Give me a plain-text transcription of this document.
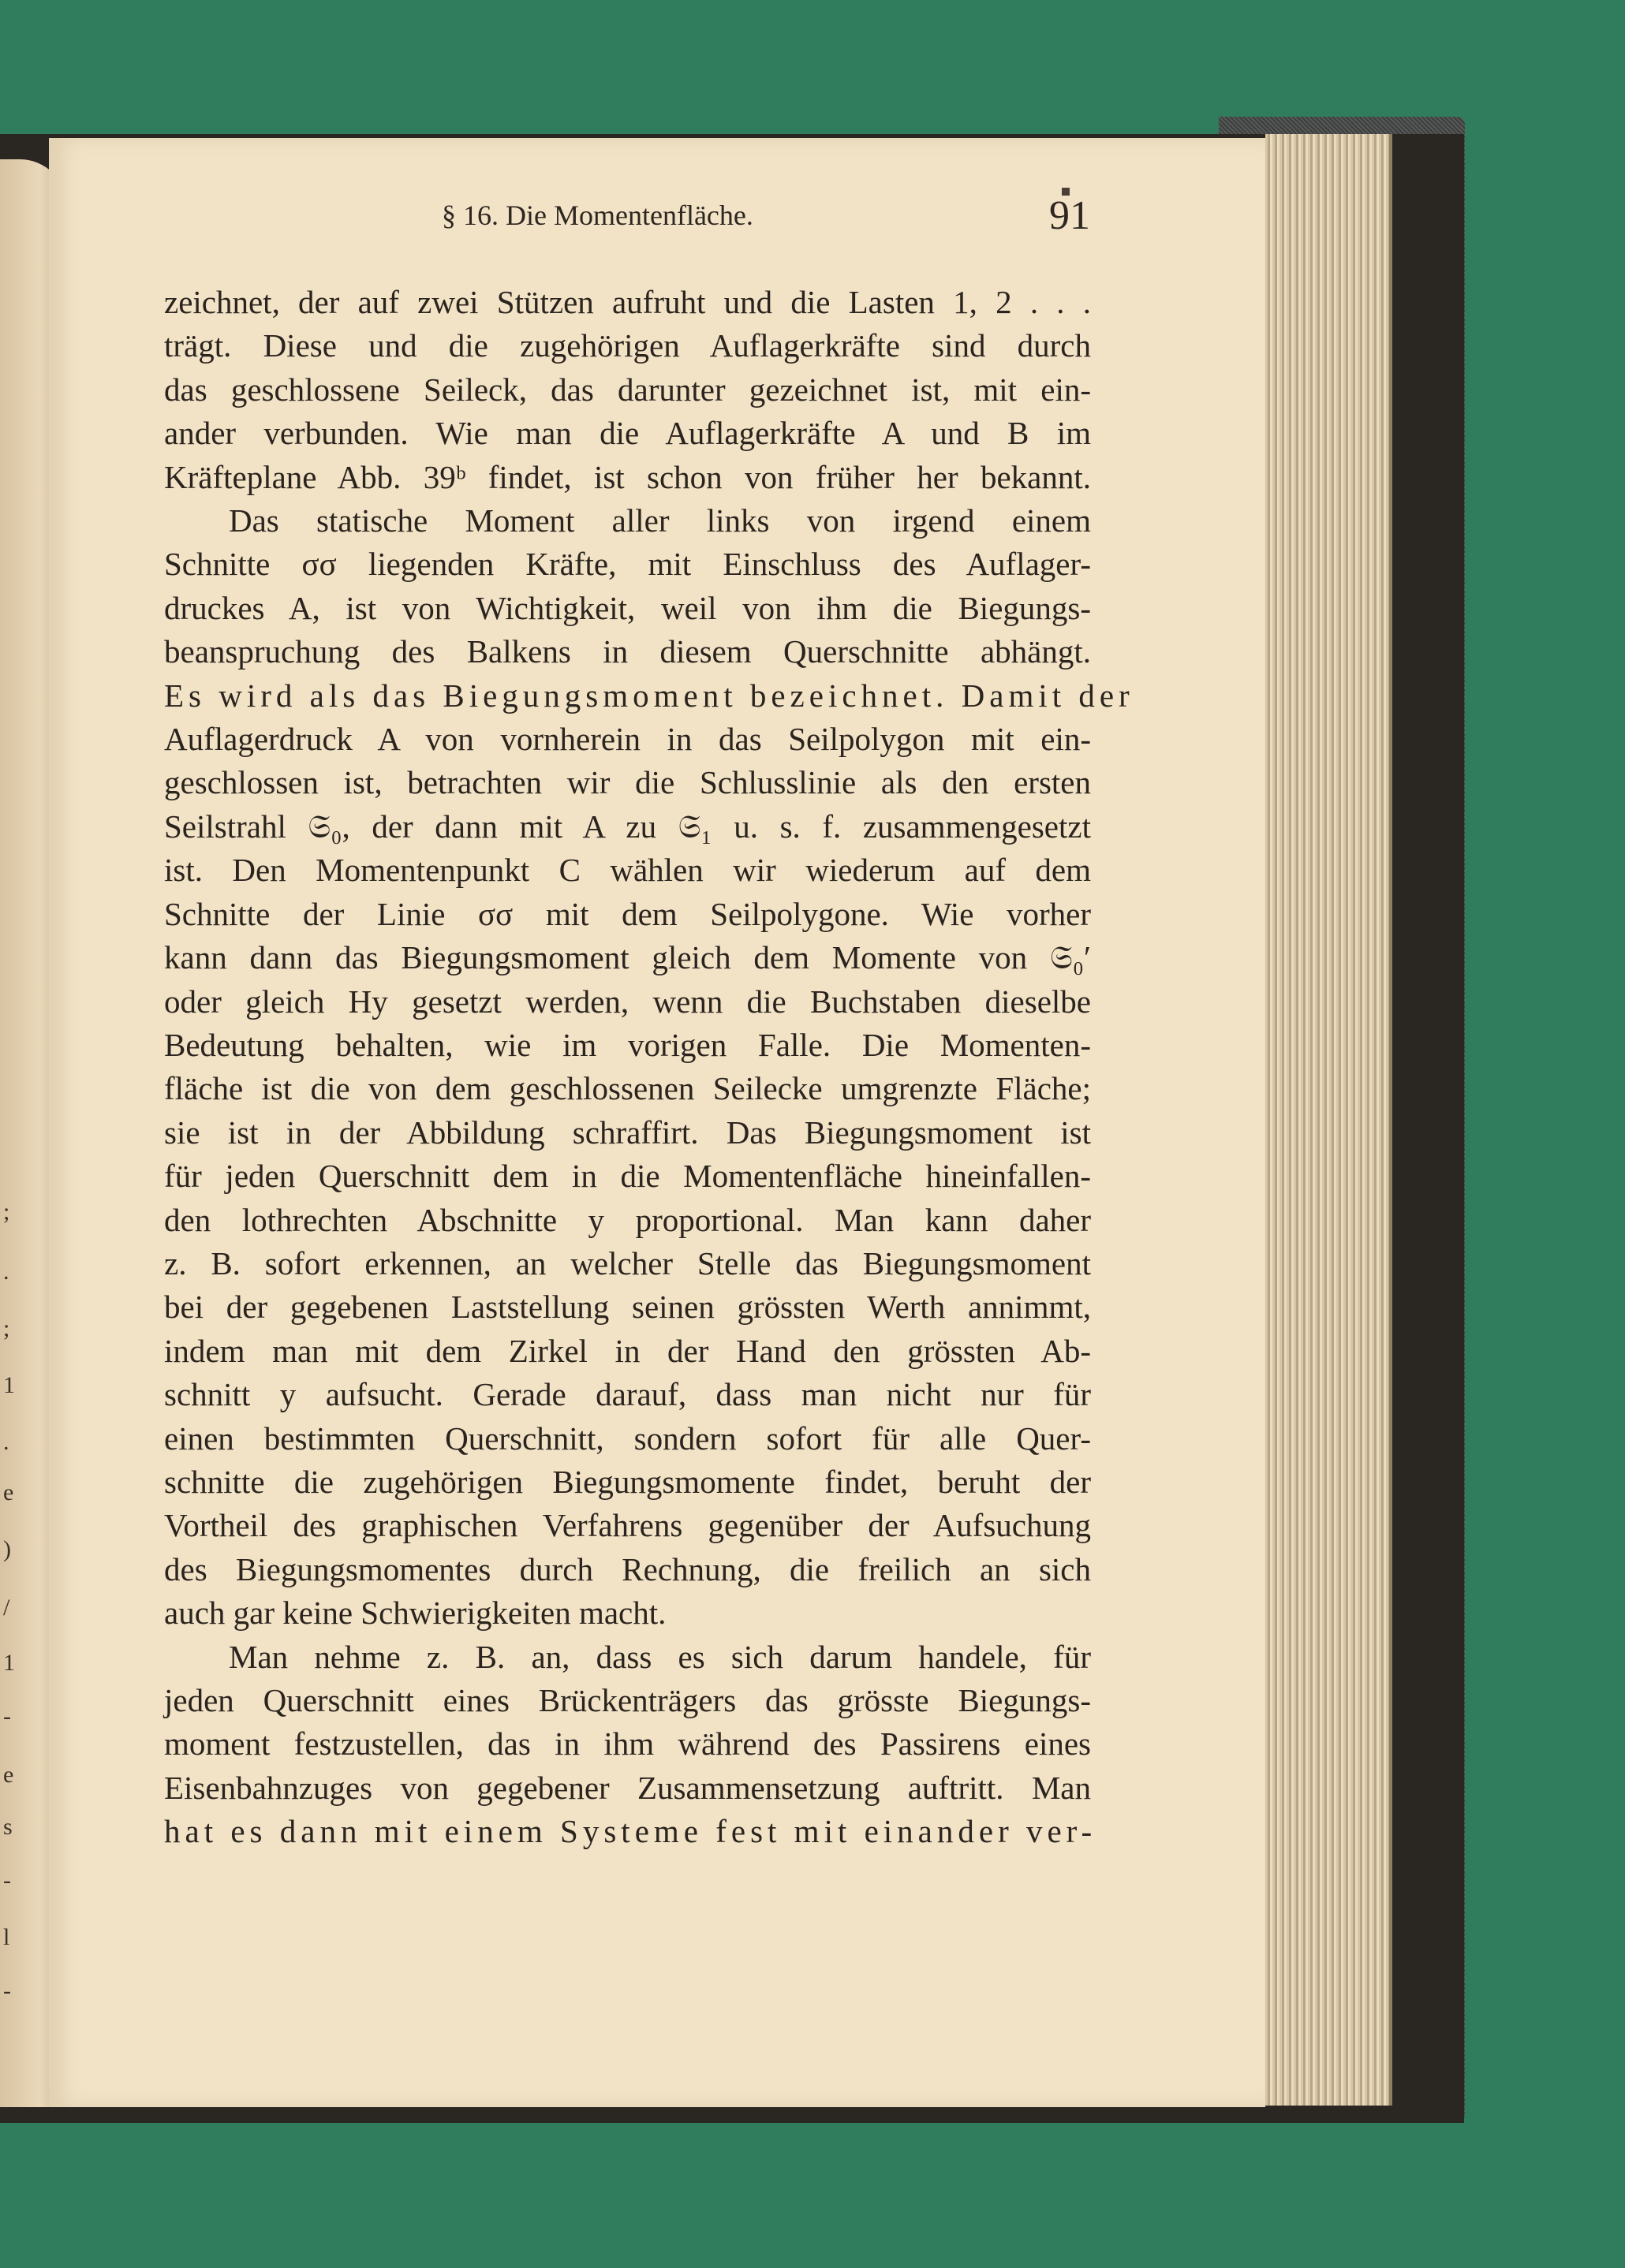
§ 16. Die Momentenfläche.	91
zeichnet, der auf zwei Stützen aufruht und die Lasten 1, 2 . . .
trägt. Diese und die zugehörigen Auflagerkräfte sind durch
das geschlossene Seileck, das darunter gezeichnet ist, mit ein-
ander verbunden. Wie man die Auflagerkräfte A und B im
Kräfteplane Abb. 39ᵇ findet, ist schon von früher her bekannt.
Das statische Moment aller links von irgend einem
Schnitte σσ liegenden Kräfte, mit Einschluss des Auflager-
druckes A, ist von Wichtigkeit, weil von ihm die Biegungs-
beanspruchung des Balkens in diesem Querschnitte abhängt.
Es wird als das Biegungsmoment bezeichnet. Damit der
Auflagerdruck A von vornherein in das Seilpolygon mit ein-
geschlossen ist, betrachten wir die Schlusslinie als den ersten
Seilstrahl 𝔖₀, der dann mit A zu 𝔖₁ u. s. f. zusammengesetzt
ist. Den Momentenpunkt C wählen wir wiederum auf dem
Schnitte der Linie σσ mit dem Seilpolygone. Wie vorher
kann dann das Biegungsmoment gleich dem Momente von 𝔖₀′
oder gleich Hy gesetzt werden, wenn die Buchstaben dieselbe
Bedeutung behalten, wie im vorigen Falle. Die Momenten-
fläche ist die von dem geschlossenen Seilecke umgrenzte Fläche;
sie ist in der Abbildung schraffirt. Das Biegungsmoment ist
für jeden Querschnitt dem in die Momentenfläche hineinfallen-
den lothrechten Abschnitte y proportional. Man kann daher
z. B. sofort erkennen, an welcher Stelle das Biegungsmoment
bei der gegebenen Laststellung seinen grössten Werth annimmt,
indem man mit dem Zirkel in der Hand den grössten Ab-
schnitt y aufsucht. Gerade darauf, dass man nicht nur für
einen bestimmten Querschnitt, sondern sofort für alle Quer-
schnitte die zugehörigen Biegungsmomente findet, beruht der
Vortheil des graphischen Verfahrens gegenüber der Aufsuchung
des Biegungsmomentes durch Rechnung, die freilich an sich
auch gar keine Schwierigkeiten macht.
Man nehme z. B. an, dass es sich darum handele, für
jeden Querschnitt eines Brückenträgers das grösste Biegungs-
moment festzustellen, das in ihm während des Passirens eines
Eisenbahnzuges von gegebener Zusammensetzung auftritt. Man
hat es dann mit einem Systeme fest mit einander ver-
;
.
;
1
.
e
)
/
1
-
e
s
-
l
-
